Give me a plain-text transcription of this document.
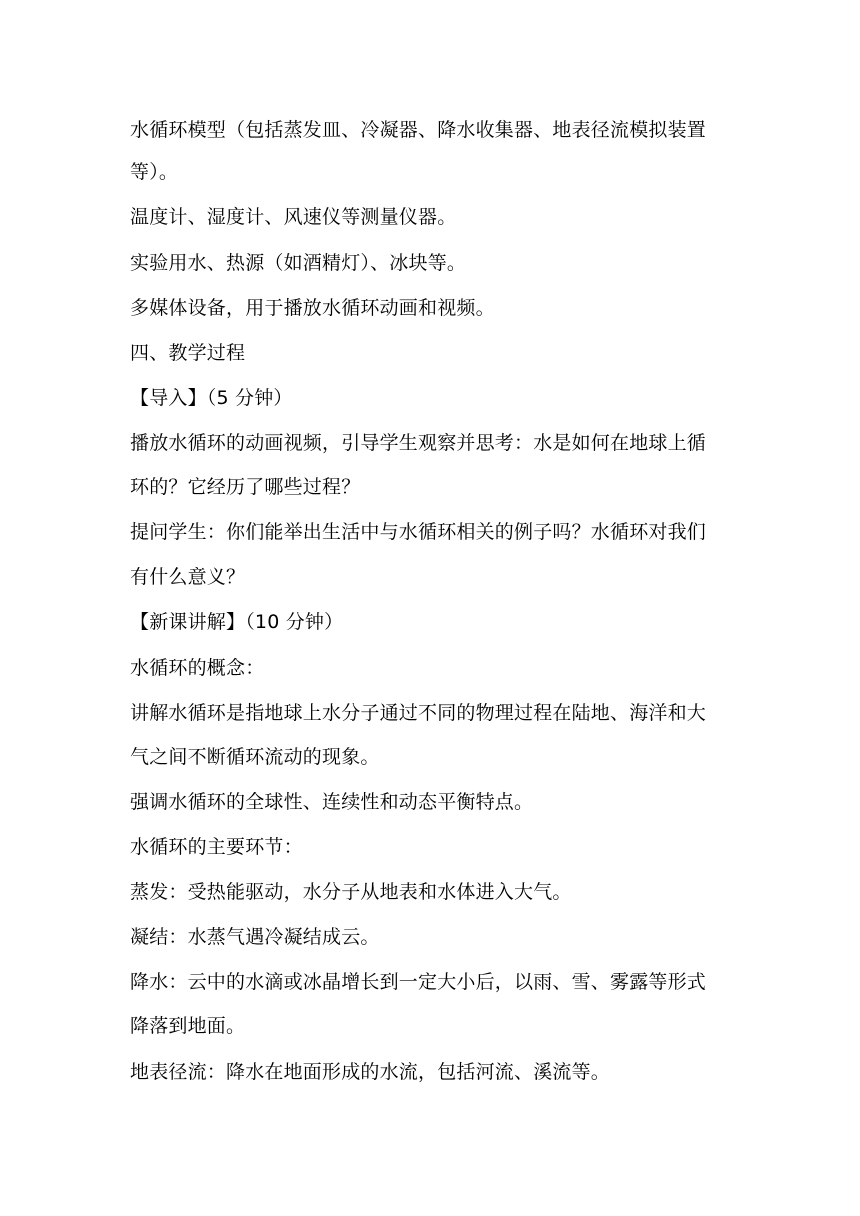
水循环模型（包括蒸发皿、冷凝器、降水收集器、地表径流模拟装置
等）。
温度计、湿度计、风速仪等测量仪器。
实验用水、热源（如酒精灯）、冰块等。
多媒体设备，用于播放水循环动画和视频。
四、教学过程
【导入】（5 分钟）
播放水循环的动画视频，引导学生观察并思考：水是如何在地球上循
环的？它经历了哪些过程？
提问学生：你们能举出生活中与水循环相关的例子吗？水循环对我们
有什么意义？
【新课讲解】（10 分钟）
水循环的概念：
讲解水循环是指地球上水分子通过不同的物理过程在陆地、海洋和大
气之间不断循环流动的现象。
强调水循环的全球性、连续性和动态平衡特点。
水循环的主要环节：
蒸发：受热能驱动，水分子从地表和水体进入大气。
凝结：水蒸气遇冷凝结成云。
降水：云中的水滴或冰晶增长到一定大小后，以雨、雪、雾露等形式
降落到地面。
地表径流：降水在地面形成的水流，包括河流、溪流等。
